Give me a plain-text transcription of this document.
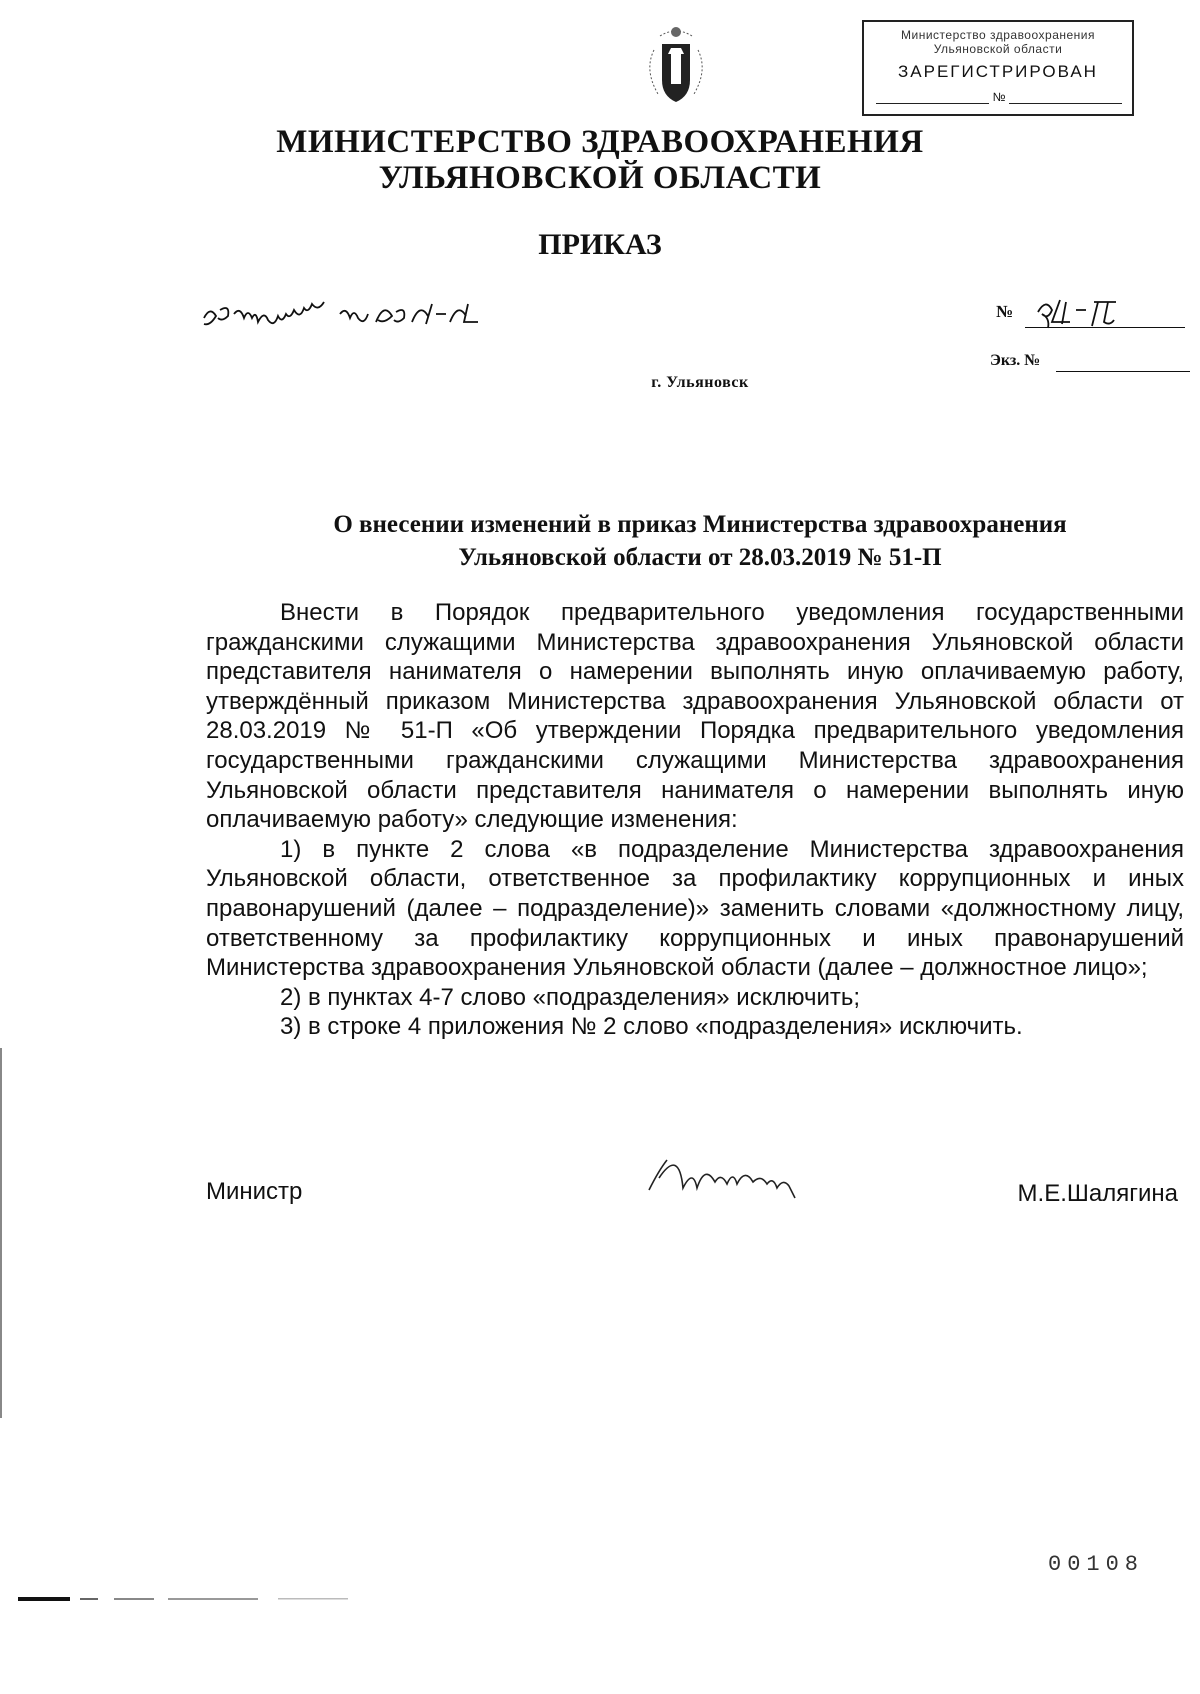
Министерство здравоохранения
Ульяновской области
ЗАРЕГИСТРИРОВАН
№
МИНИСТЕРСТВО ЗДРАВООХРАНЕНИЯ
УЛЬЯНОВСКОЙ ОБЛАСТИ
ПРИКАЗ
№
Экз. №
г. Ульяновск
О внесении изменений в приказ Министерства здравоохранения
Ульяновской области от 28.03.2019 № 51-П

Внести в Порядок предварительного уведомления государственными гражданскими служащими Министерства здравоохранения Ульяновской области представителя нанимателя о намерении выполнять иную оплачиваемую работу, утверждённый приказом Министерства здравоохранения Ульяновской области от 28.03.2019 № 51-П «Об утверждении Порядка предварительного уведомления государственными гражданскими служащими Министерства здравоохранения Ульяновской области представителя нанимателя о намерении выполнять иную оплачиваемую работу» следующие изменения:

1) в пункте 2 слова «в подразделение Министерства здравоохранения Ульяновской области, ответственное за профилактику коррупционных и иных правонарушений (далее – подразделение)» заменить словами «должностному лицу, ответственному за профилактику коррупционных и иных правонарушений Министерства здравоохранения Ульяновской области (далее – должностное лицо»;

2) в пунктах 4-7 слово «подразделения» исключить;

3) в строке 4 приложения № 2 слово «подразделения» исключить.

Министр	М.Е.Шалягина
00108
